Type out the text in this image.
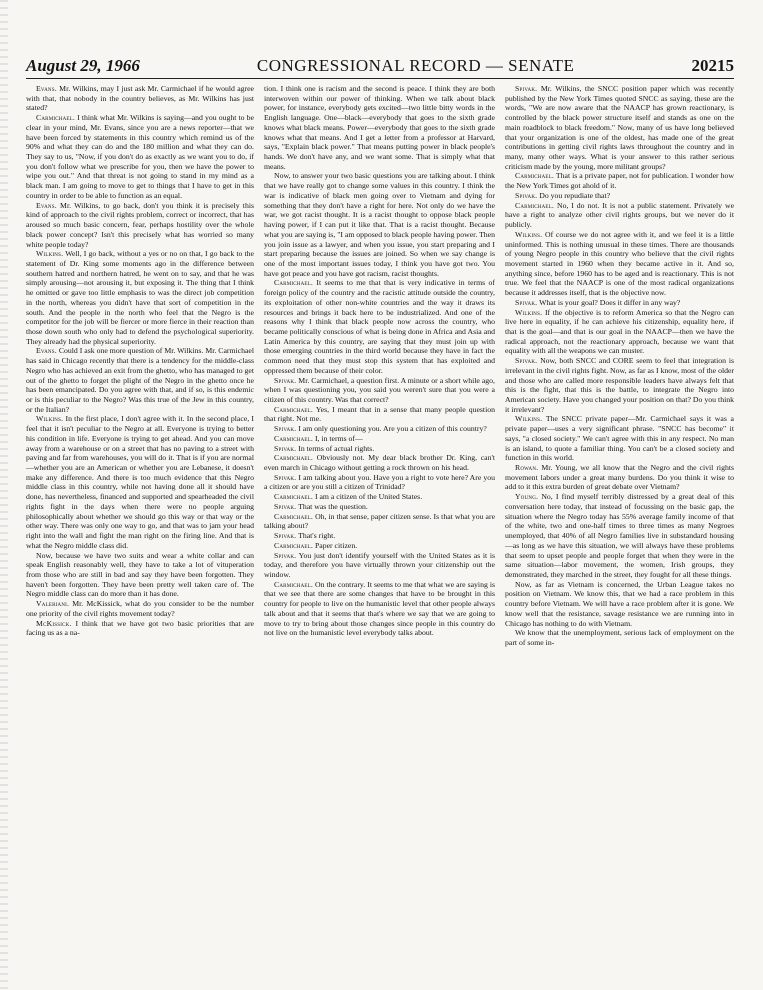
August 29, 1966	CONGRESSIONAL RECORD — SENATE	20215

Evans. Mr. Wilkins, may I just ask Mr. Carmichael if he would agree with that, that nobody in the country believes, as Mr. Wilkins has just stated?

Carmichael. I think what Mr. Wilkins is saying—and you ought to be clear in your mind, Mr. Evans, since you are a news reporter—that we have been forced by statements in this country which remind us of the 90% and what they can do and the 180 million and what they can do. They say to us, "Now, if you don't do as exactly as we want you to do, if you don't follow what we prescribe for you, then we have the power to wipe you out." And that threat is not going to stand in my mind as a black man. I am going to move to get to things that I have to get in this country in order to be able to function as an equal.

Evans. Mr. Wilkins, to go back, don't you think it is precisely this kind of approach to the civil rights problem, correct or incorrect, that has aroused so much basic concern, fear, perhaps hostility over the whole black power concept? Isn't this precisely what has worried so many white people today?

Wilkins. Well, I go back, without a yes or no on that, I go back to the statement of Dr. King some moments ago in the difference between southern hatred and northern hatred, he went on to say, and that he was simply arousing—not arousing it, but exposing it. The thing that I think he omitted or gave too little emphasis to was the direct job competition in the north, whereas you didn't have that sort of competition in the south. And the people in the north who feel that the Negro is the competitor for the job will be fiercer or more fierce in their reaction than those down south who only had to defend the psychological superiority. They already had the physical superiority.

Evans. Could I ask one more question of Mr. Wilkins. Mr. Carmichael has said in Chicago recently that there is a tendency for the middle-class Negro who has achieved an exit from the ghetto, who has managed to get out of the ghetto to forget the plight of the Negro in the ghetto once he has been emancipated. Do you agree with that, and if so, is this endemic or is this peculiar to the Negro? Was this true of the Jew in this country, or the Italian?

Wilkins. In the first place, I don't agree with it. In the second place, I feel that it isn't peculiar to the Negro at all. Everyone is trying to better his condition in life. Everyone is trying to get ahead. And you can move away from a warehouse or on a street that has no paving to a street with paving and far from warehouses, you will do it. That is if you are normal—whether you are an American or whether you are Lebanese, it doesn't make any difference. And there is too much evidence that this Negro middle class in this country, while not having done all it should have done, has nevertheless, financed and supported and spearheaded the civil rights fight in the days when there were no people arguing philosophically about whether we should go this way or that way or the other way. There was only one way to go, and that was to jam your head right into the wall and fight the man right on the firing line. And that is what the Negro middle class did.

Now, because we have two suits and wear a white collar and can speak English reasonably well, they have to take a lot of vituperation from those who are still in bad and say they have been forgotten. They haven't been forgotten. They have been pretty well taken care of. The Negro middle class can do more than it has done.

Valeriani. Mr. McKissick, what do you consider to be the number one priority of the civil rights movement today?

McKissick. I think that we have got two basic priorities that are facing us as a na-

tion. I think one is racism and the second is peace. I think they are both interwoven within our power of thinking. When we talk about black power, for instance, everybody gets excited—two little bitty words in the English language. One—black—everybody that goes to the sixth grade knows what black means. Power—everybody that goes to the sixth grade knows what that means. And I get a letter from a professor at Harvard, says, "Explain black power." That means putting power in black people's hands. We don't have any, and we want some. That is simply what that means.

Now, to answer your two basic questions you are talking about. I think that we have really got to change some values in this country. I think the war is indicative of black men going over to Vietnam and dying for something that they don't have a right for here. Not only do we have the war, we got racist thought. It is a racist thought to oppose black people having power, if I can put it like that. That is a racist thought. Because what you are saying is, "I am opposed to black people having power. Then you join issue as a lawyer, and when you issue, you start preparing and I start preparing because the issues are joined. So when we say change is one of the most important issues today, I think you have got two. You have got peace and you have got racism, racist thoughts.

Carmichael. It seems to me that that is very indicative in terms of foreign policy of the country and the racistic attitude outside the country, its exploitation of other non-white countries and the way it draws its resources and brings it back here to be industrialized. And one of the reasons why I think that black people now across the country, who became politically conscious of what is being done in Africa and Asia and Latin America by this country, are saying that they must join up with those emerging countries in the third world because they have in fact the common need that they must stop this system that has exploited and oppressed them because of their color.

Spivak. Mr. Carmichael, a question first. A minute or a short while ago, when I was questioning you, you said you weren't sure that you were a citizen of this country. Was that correct?

Carmichael. Yes, I meant that in a sense that many people question that right. Not me.

Spivak. I am only questioning you. Are you a citizen of this country?

Carmichael. I, in terms of—

Spivak. In terms of actual rights.

Carmichael. Obviously not. My dear black brother Dr. King, can't even march in Chicago without getting a rock thrown on his head.

Spivak. I am talking about you. Have you a right to vote here? Are you a citizen or are you still a citizen of Trinidad?

Carmichael. I am a citizen of the United States.

Spivak. That was the question.

Carmichael. Oh, in that sense, paper citizen sense. Is that what you are talking about?

Spivak. That's right.

Carmichael. Paper citizen.

Spivak. You just don't identify yourself with the United States as it is today, and therefore you have virtually thrown your citizenship out the window.

Carmichael. On the contrary. It seems to me that what we are saying is that we see that there are some changes that have to be brought in this country for people to live on the humanistic level that other people always talk about and that it seems that that's where we say that we are going to move to try to bring about those changes since people in this country do not live on the humanistic level everybody talks about.

Spivak. Mr. Wilkins, the SNCC position paper which was recently published by the New York Times quoted SNCC as saying, these are the words, "We are now aware that the NAACP has grown reactionary, is controlled by the black power structure itself and stands as one on the main roadblock to black freedom." Now, many of us have long believed that your organization is one of the oldest, has made one of the great contributions in getting civil rights laws throughout the country and in many, many other ways. What is your answer to this rather serious criticism made by the young, more militant groups?

Carmichael. That is a private paper, not for publication. I wonder how the New York Times got ahold of it.

Spivak. Do you repudiate that?

Carmichael. No, I do not. It is not a public statement. Privately we have a right to analyze other civil rights groups, but we never do it publicly.

Wilkins. Of course we do not agree with it, and we feel it is a little uninformed. This is nothing unusual in these times. There are thousands of young Negro people in this country who believe that the civil rights movement started in 1960 when they became active in it. And so, anything since, before 1960 has to be aged and is reactionary. This is not true. We feel that the NAACP is one of the most radical organizations because it addresses itself, that is the objective now.

Spivak. What is your goal? Does it differ in any way?

Wilkins. If the objective is to reform America so that the Negro can live here in equality, if he can achieve his citizenship, equality here, if that is the goal—and that is our goal in the NAACP—then we have the radical approach, not the reactionary approach, because we want that equality with all the weapons we can muster.

Spivak. Now, both SNCC and CORE seem to feel that integration is irrelevant in the civil rights fight. Now, as far as I know, most of the older and those who are called more responsible leaders have always felt that this is the fight, that this is the battle, to integrate the Negro into American society. Have you changed your position on that? Do you think it irrelevant?

Wilkins. The SNCC private paper—Mr. Carmichael says it was a private paper—uses a very significant phrase. "SNCC has become" it says, "a closed society." We can't agree with this in any respect. No man is an island, to quote a familiar thing. You can't be a closed society and function in this world.

Rowan. Mr. Young, we all know that the Negro and the civil rights movement labors under a great many burdens. Do you think it wise to add to it this extra burden of great debate over Vietnam?

Young. No, I find myself terribly distressed by a great deal of this conversation here today, that instead of focussing on the basic gap, the situation where the Negro today has 55% average family income of that of the white, two and one-half times to three times as many Negroes unemployed, that 40% of all Negro families live in substandard housing—as long as we have this situation, we will always have these problems that seem to upset people and people forget that when they were in the same situation—labor movement, the women, Irish groups, they demonstrated, they marched in the street, they fought for all these things.

Now, as far as Vietnam is concerned, the Urban League takes no position on Vietnam. We know this, that we had a race problem in this country before Vietnam. We will have a race problem after it is gone. We know well that the resistance, savage resistance we are running into in Chicago has nothing to do with Vietnam.

We know that the unemployment, serious lack of employment on the part of some in-
